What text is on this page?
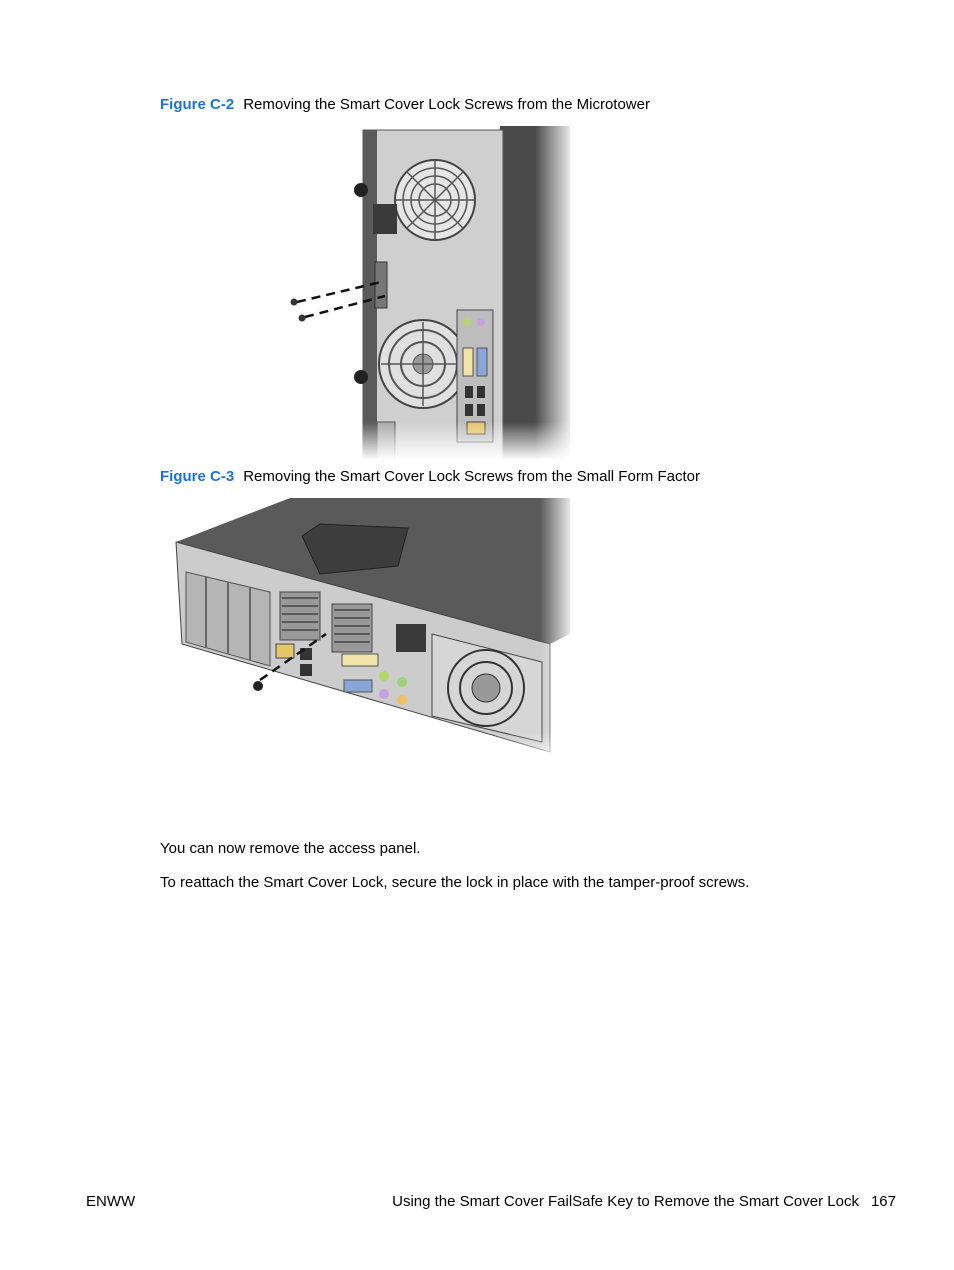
Figure C-2 Removing the Smart Cover Lock Screws from the Microtower
Figure C-3 Removing the Smart Cover Lock Screws from the Small Form Factor
You can now remove the access panel.
To reattach the Smart Cover Lock, secure the lock in place with the tamper-proof screws.
ENWW	Using the Smart Cover FailSafe Key to Remove the Smart Cover Lock 167
